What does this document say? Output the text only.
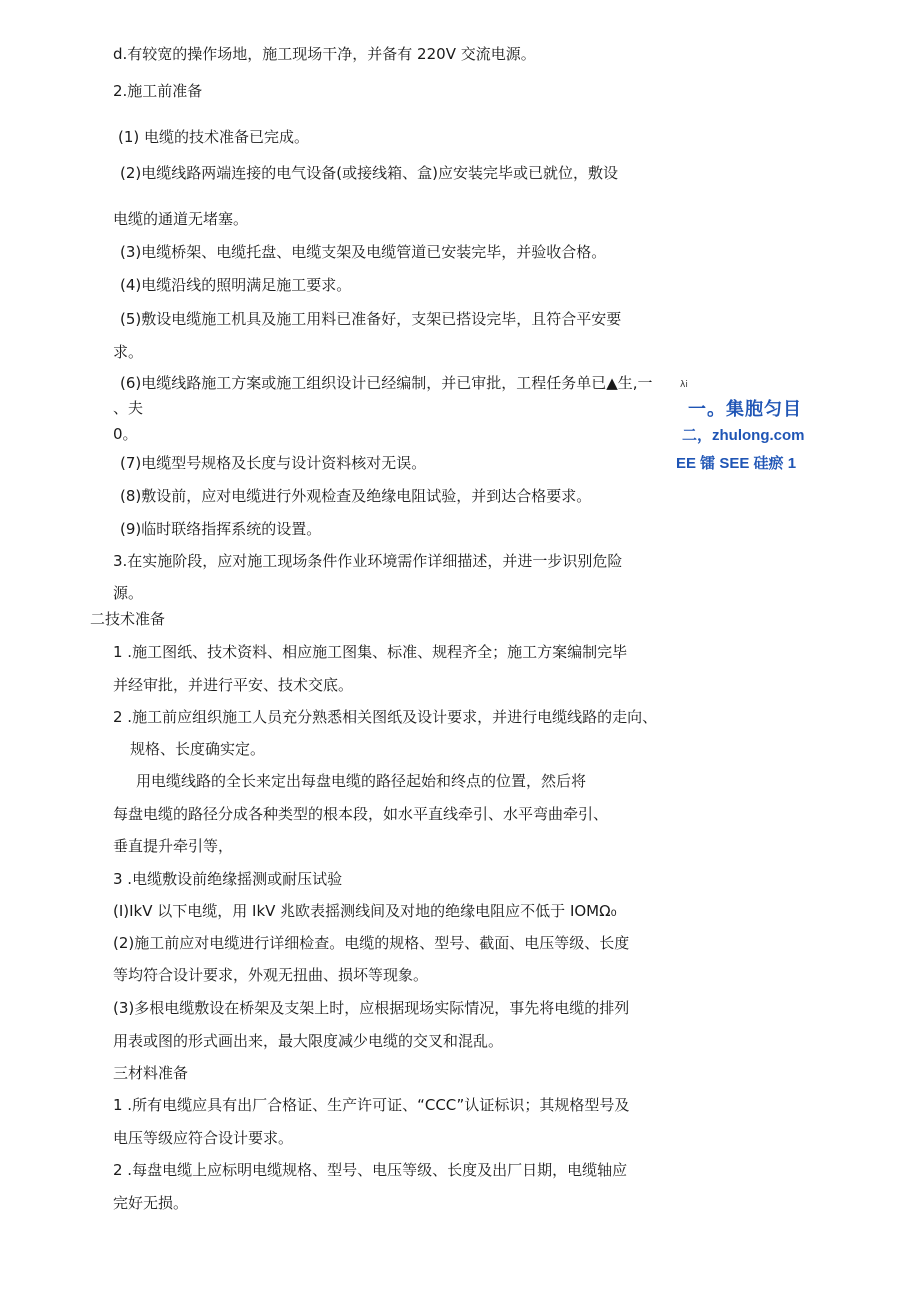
d.有较宽的操作场地，施工现场干净，并备有 220V 交流电源。
2.施工前准备
(1) 电缆的技术准备已完成。
(2)电缆线路两端连接的电气设备(或接线箱、盒)应安装完毕或已就位，敷设
电缆的通道无堵塞。
(3)电缆桥架、电缆托盘、电缆支架及电缆管道已安装完毕，并验收合格。
(4)电缆沿线的照明满足施工要求。
(5)敷设电缆施工机具及施工用料已准备好，支架已搭设完毕，且符合平安要
求。
(6)电缆线路施工方案或施工组织设计已经编制，并已审批，工程任务单已▲生,一	λi
、夫
0。
(7)电缆型号规格及长度与设计资料核对无误。
(8)敷设前，应对电缆进行外观检查及绝缘电阻试验，并到达合格要求。
(9)临时联络指挥系统的设置。
3.在实施阶段，应对施工现场条件作业环境需作详细描述，并进一步识别危险
源。
二技术准备
1 .施工图纸、技术资料、相应施工图集、标准、规程齐全；施工方案编制完毕
并经审批，并进行平安、技术交底。
2 .施工前应组织施工人员充分熟悉相关图纸及设计要求，并进行电缆线路的走向、
规格、长度确实定。
用电缆线路的全长来定出每盘电缆的路径起始和终点的位置，然后将
每盘电缆的路径分成各种类型的根本段，如水平直线牵引、水平弯曲牵引、
垂直提升牵引等，
3 .电缆敷设前绝缘摇测或耐压试验
(I)IkV 以下电缆，用 IkV 兆欧表摇测线间及对地的绝缘电阻应不低于 IOMΩ₀
(2)施工前应对电缆进行详细检查。电缆的规格、型号、截面、电压等级、长度
等均符合设计要求，外观无扭曲、损坏等现象。
(3)多根电缆敷设在桥架及支架上时，应根据现场实际情况，事先将电缆的排列
用表或图的形式画出来，最大限度减少电缆的交叉和混乱。
三材料准备
1 .所有电缆应具有出厂合格证、生产许可证、“CCC”认证标识；其规格型号及
电压等级应符合设计要求。
2 .每盘电缆上应标明电缆规格、型号、电压等级、长度及出厂日期，电缆轴应
完好无损。
一。集胞匀目
二，zhulong.com
EE 镭 SEE 硅瘀 1
